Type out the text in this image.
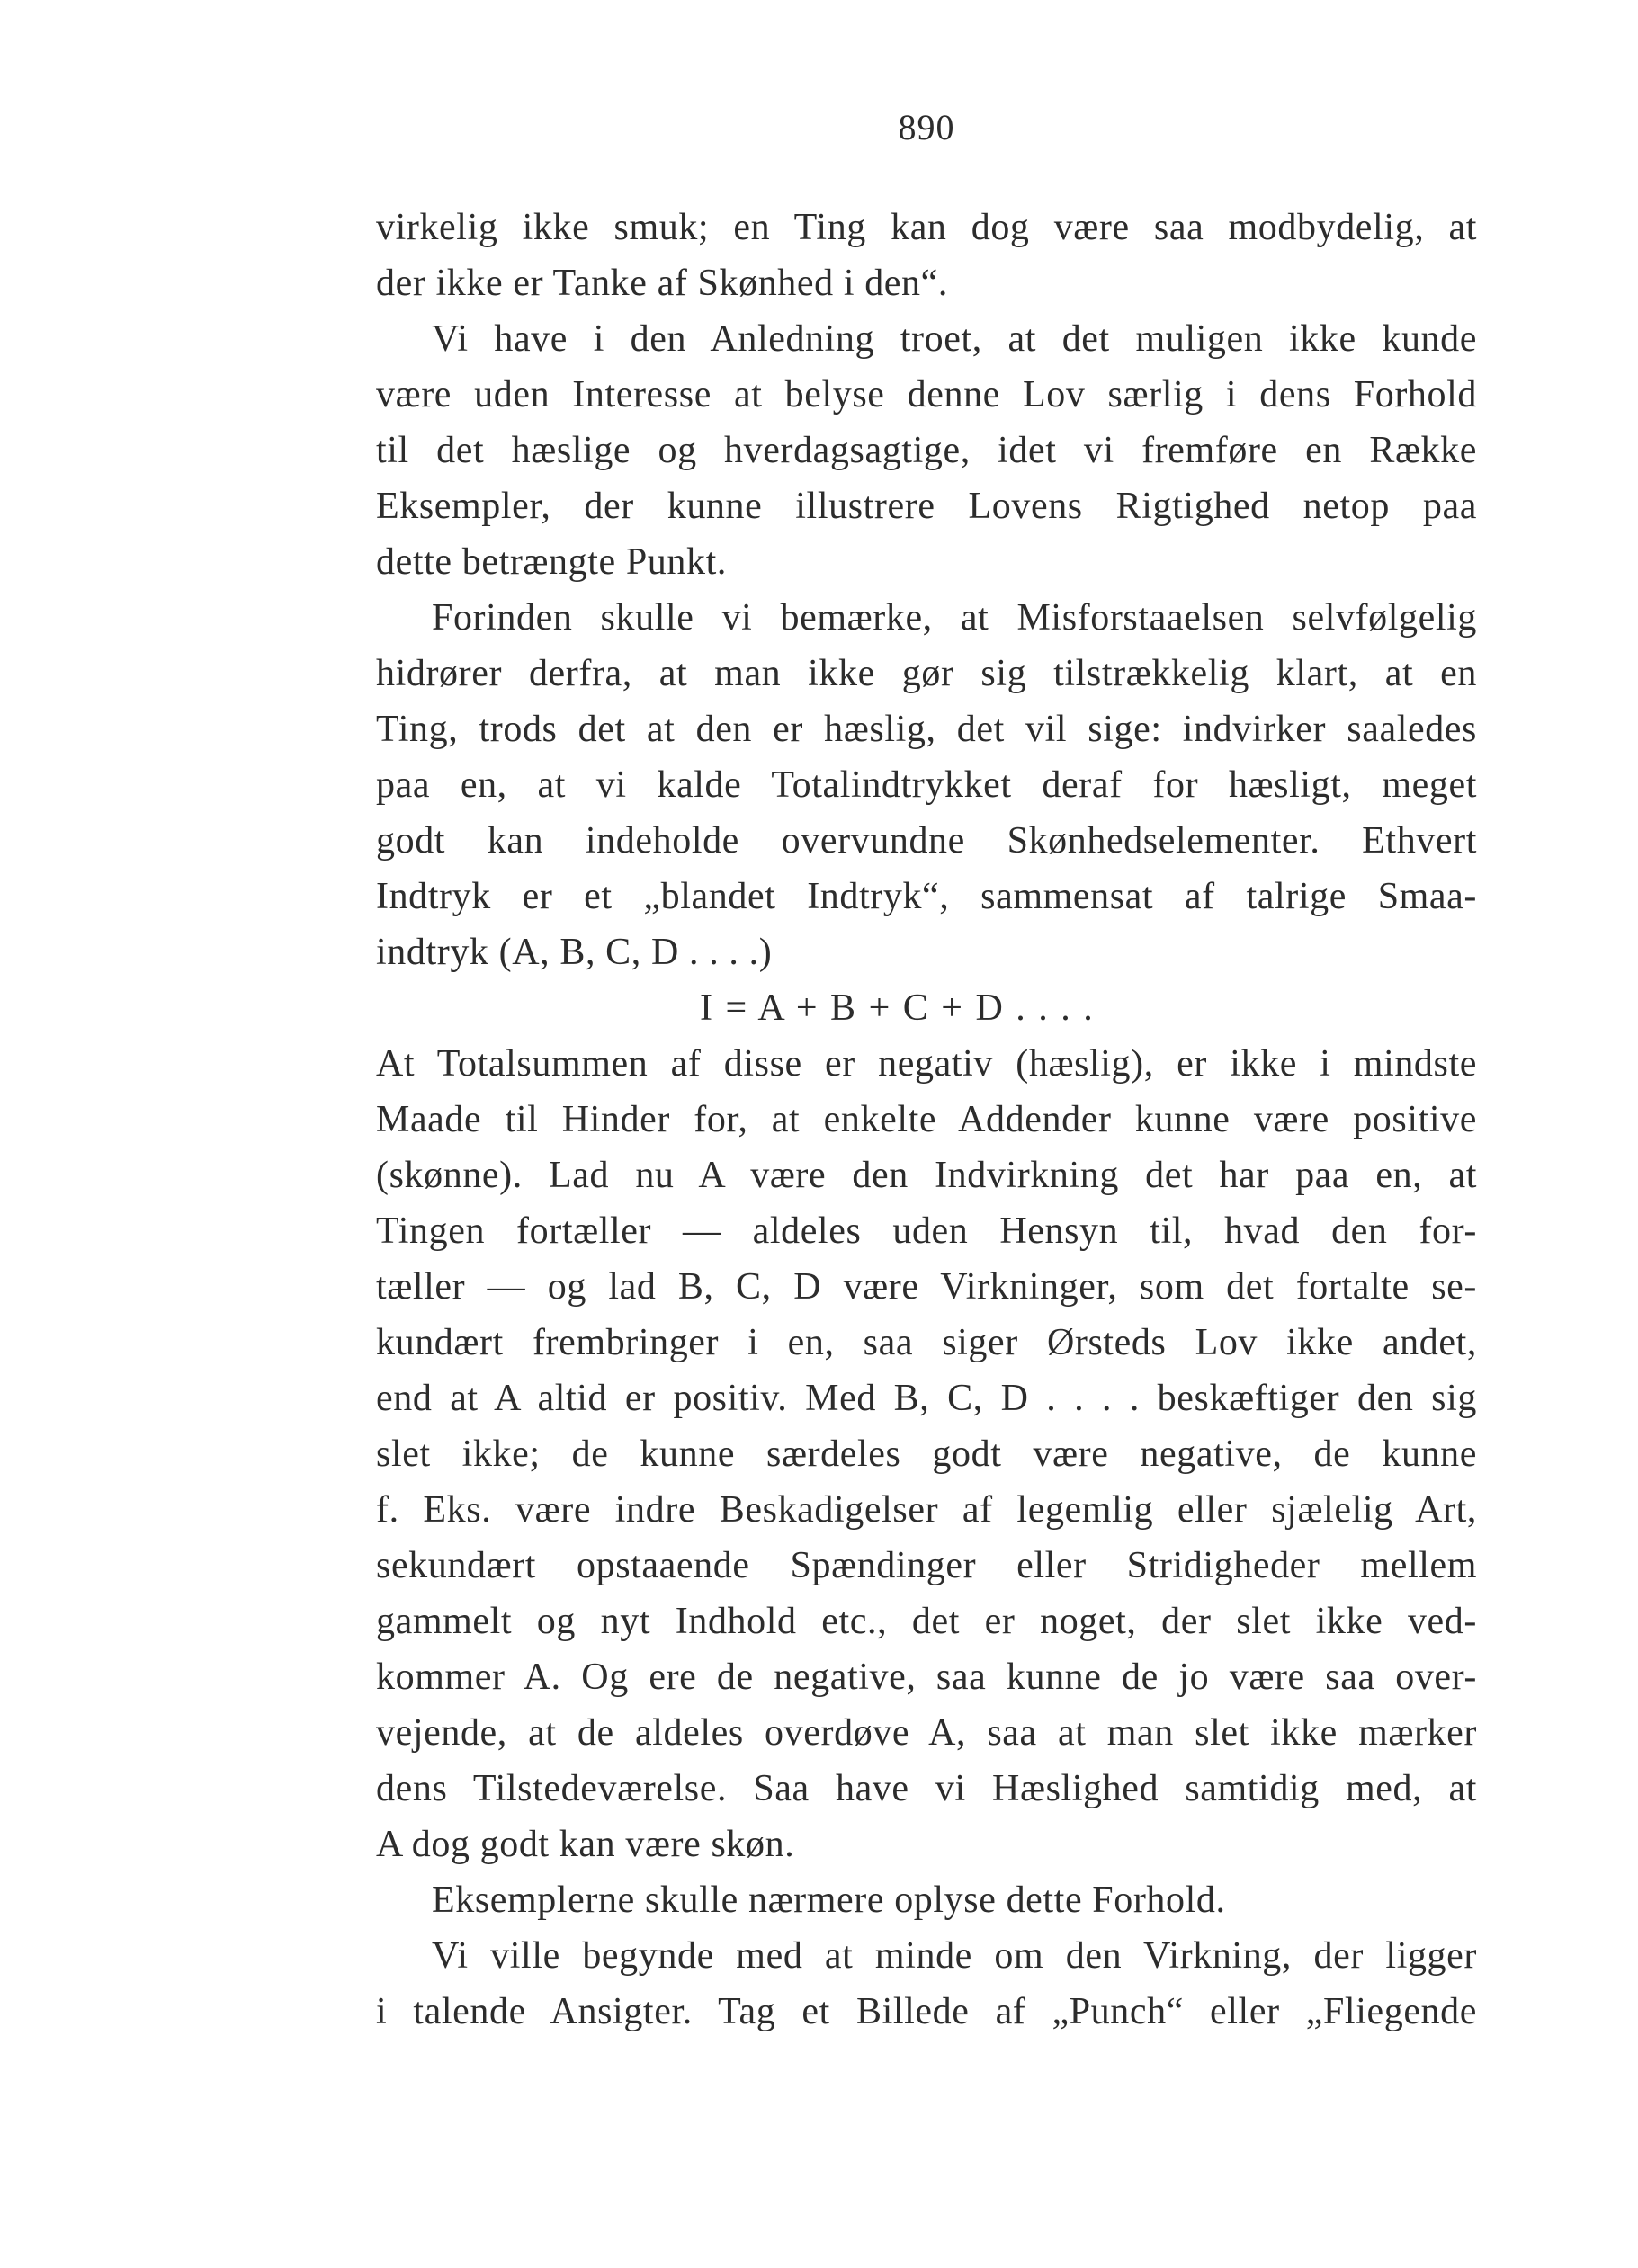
890
virkelig ikke smuk; en Ting kan dog være saa modbydelig, at
der ikke er Tanke af Skønhed i den“.
Vi have i den Anledning troet, at det muligen ikke kunde
være uden Interesse at belyse denne Lov særlig i dens Forhold
til det hæslige og hverdagsagtige, idet vi fremføre en Række
Eksempler, der kunne illustrere Lovens Rigtighed netop paa
dette betrængte Punkt.
Forinden skulle vi bemærke, at Misforstaaelsen selvfølgelig
hidrører derfra, at man ikke gør sig tilstrækkelig klart, at en
Ting, trods det at den er hæslig, det vil sige: indvirker saaledes
paa en, at vi kalde Totalindtrykket deraf for hæsligt, meget
godt kan indeholde overvundne Skønhedselementer. Ethvert
Indtryk er et „blandet Indtryk“, sammensat af talrige Smaa-
indtryk (A, B, C, D . . . .)
I = A + B + C + D . . . .
At Totalsummen af disse er negativ (hæslig), er ikke i mindste
Maade til Hinder for, at enkelte Addender kunne være positive
(skønne). Lad nu A være den Indvirkning det har paa en, at
Tingen fortæller — aldeles uden Hensyn til, hvad den for-
tæller — og lad B, C, D være Virkninger, som det fortalte se-
kundært frembringer i en, saa siger Ørsteds Lov ikke andet,
end at A altid er positiv. Med B, C, D . . . . beskæftiger den sig
slet ikke; de kunne særdeles godt være negative, de kunne
f. Eks. være indre Beskadigelser af legemlig eller sjælelig Art,
sekundært opstaaende Spændinger eller Stridigheder mellem
gammelt og nyt Indhold etc., det er noget, der slet ikke ved-
kommer A. Og ere de negative, saa kunne de jo være saa over-
vejende, at de aldeles overdøve A, saa at man slet ikke mærker
dens Tilstedeværelse. Saa have vi Hæslighed samtidig med, at
A dog godt kan være skøn.
Eksemplerne skulle nærmere oplyse dette Forhold.
Vi ville begynde med at minde om den Virkning, der ligger
i talende Ansigter. Tag et Billede af „Punch“ eller „Fliegende
